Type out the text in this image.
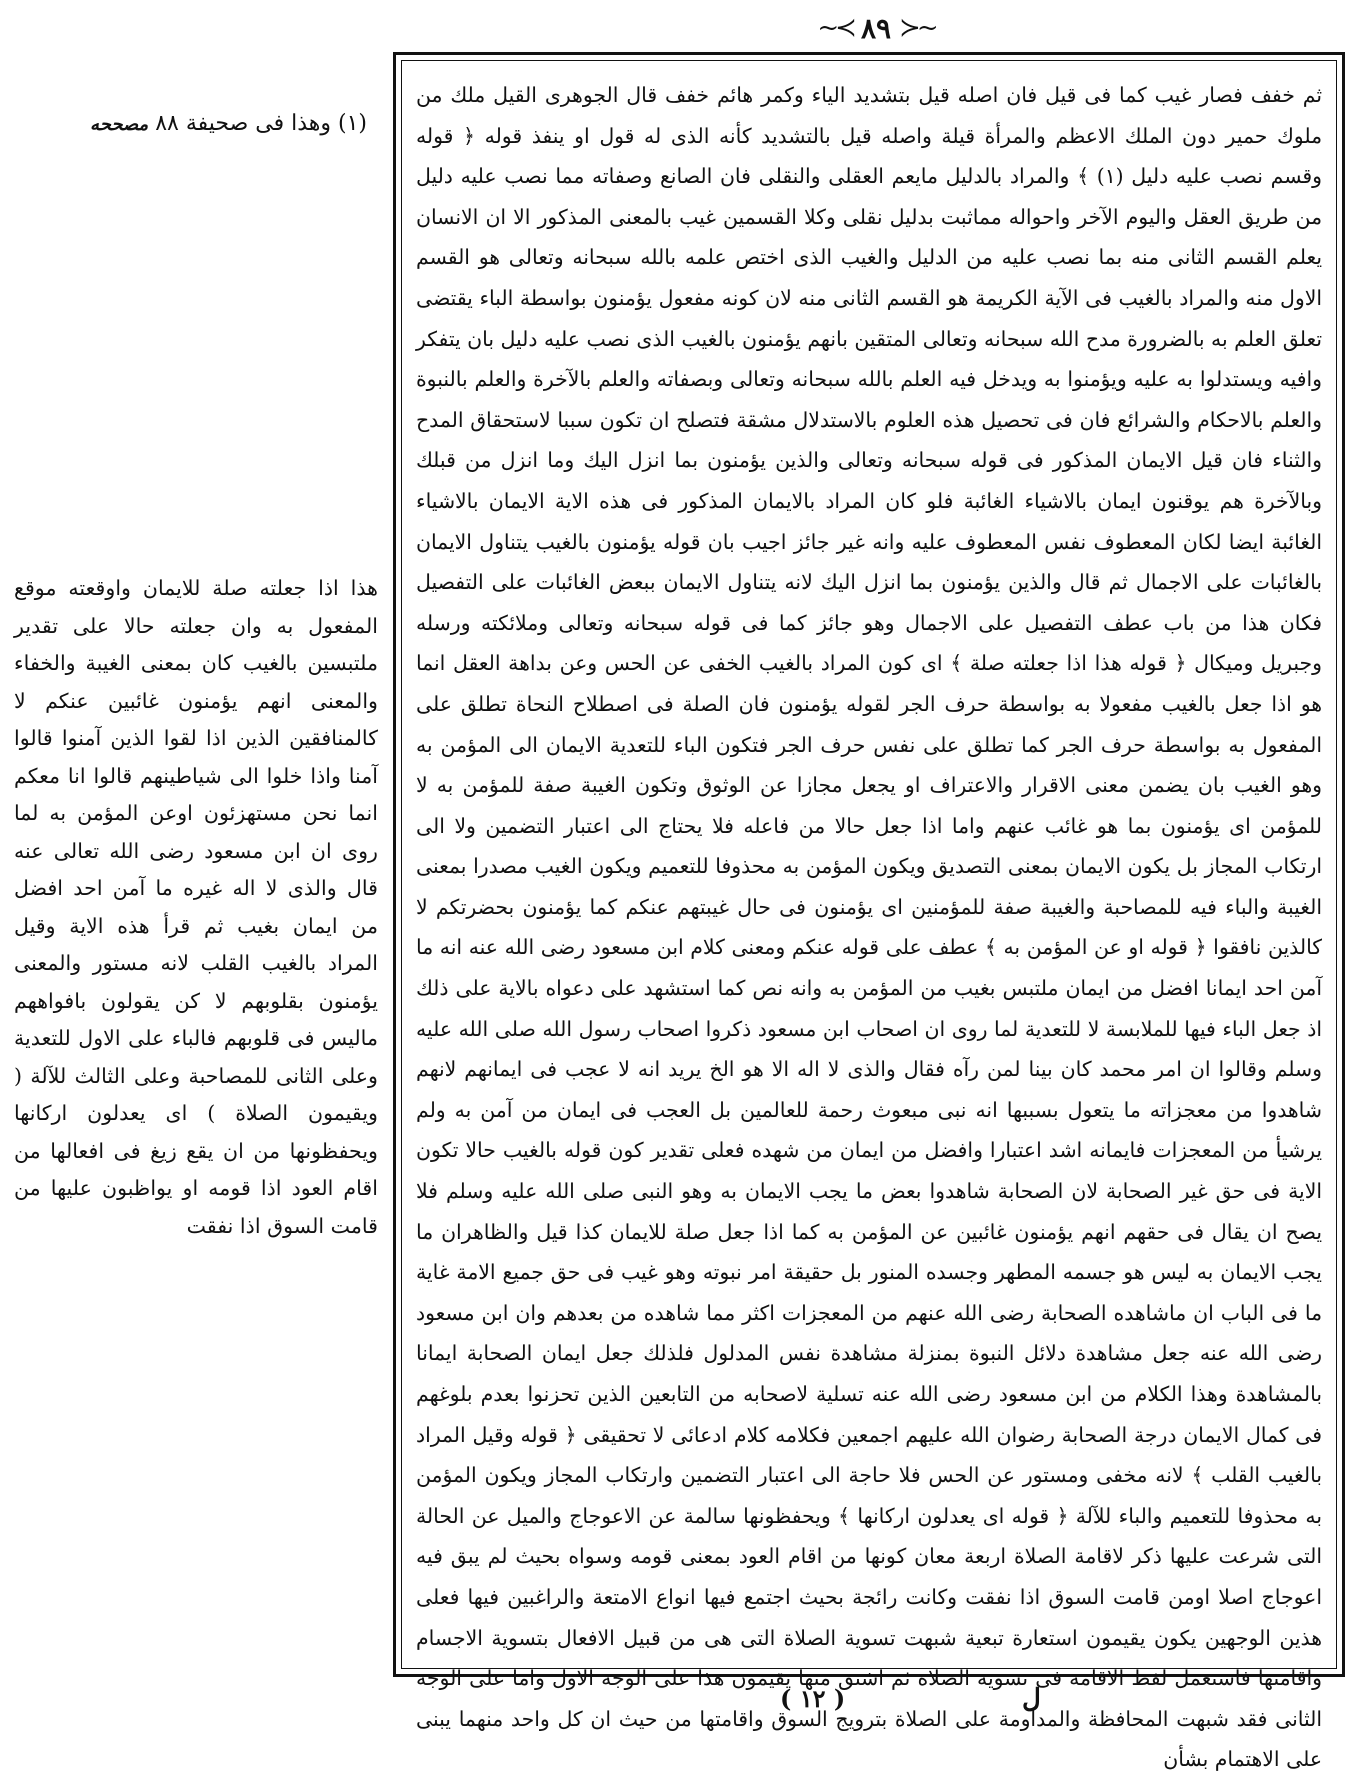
~≺ ٨٩ ≻~
(١) وهذا فى صحيفة ٨٨ مصححه

هذا اذا جعلته صلة للايمان واوقعته موقع المفعول به وان جعلته حالا على تقدير ملتبسين بالغيب كان بمعنى الغيبة والخفاء والمعنى انهم يؤمنون غائبين عنكم لا كالمنافقين الذين اذا لقوا الذين آمنوا قالوا آمنا واذا خلوا الى شياطينهم قالوا انا معكم انما نحن مستهزئون اوعن المؤمن به لما روى ان ابن مسعود رضى الله تعالى عنه قال والذى لا اله غيره ما آمن احد افضل من ايمان بغيب ثم قرأ هذه الاية وقيل المراد بالغيب القلب لانه مستور والمعنى يؤمنون بقلوبهم لا كن يقولون بافواههم ماليس فى قلوبهم فالباء على الاول للتعدية وعلى الثانى للمصاحبة وعلى الثالث للآلة ( ويقيمون الصلاة ) اى يعدلون اركانها ويحفظونها من ان يقع زيغ فى افعالها من اقام العود اذا قومه او يواظبون عليها من قامت السوق اذا نفقت

ثم خفف فصار غيب كما فى قيل فان اصله قيل بتشديد الياء وكمر هائم خفف قال الجوهرى القيل ملك من ملوك حمير دون الملك الاعظم والمرأة قيلة واصله قيل بالتشديد كأنه الذى له قول او ينفذ قوله ﴿ قوله وقسم نصب عليه دليل (١) ﴾ والمراد بالدليل مايعم العقلى والنقلى فان الصانع وصفاته مما نصب عليه دليل من طريق العقل واليوم الآخر واحواله مماثبت بدليل نقلى وكلا القسمين غيب بالمعنى المذكور الا ان الانسان يعلم القسم الثانى منه بما نصب عليه من الدليل والغيب الذى اختص علمه بالله سبحانه وتعالى هو القسم الاول منه والمراد بالغيب فى الآية الكريمة هو القسم الثانى منه لان كونه مفعول يؤمنون بواسطة الباء يقتضى تعلق العلم به بالضرورة مدح الله سبحانه وتعالى المتقين بانهم يؤمنون بالغيب الذى نصب عليه دليل بان يتفكر وافيه ويستدلوا به عليه ويؤمنوا به ويدخل فيه العلم بالله سبحانه وتعالى وبصفاته والعلم بالآخرة والعلم بالنبوة والعلم بالاحكام والشرائع فان فى تحصيل هذه العلوم بالاستدلال مشقة فتصلح ان تكون سببا لاستحقاق المدح والثناء فان قيل الايمان المذكور فى قوله سبحانه وتعالى والذين يؤمنون بما انزل اليك وما انزل من قبلك وبالآخرة هم يوقنون ايمان بالاشياء الغائبة فلو كان المراد بالايمان المذكور فى هذه الاية الايمان بالاشياء الغائبة ايضا لكان المعطوف نفس المعطوف عليه وانه غير جائز اجيب بان قوله يؤمنون بالغيب يتناول الايمان بالغائبات على الاجمال ثم قال والذين يؤمنون بما انزل اليك لانه يتناول الايمان ببعض الغائبات على التفصيل فكان هذا من باب عطف التفصيل على الاجمال وهو جائز كما فى قوله سبحانه وتعالى وملائكته ورسله وجبريل وميكال ﴿ قوله هذا اذا جعلته صلة ﴾ اى كون المراد بالغيب الخفى عن الحس وعن بداهة العقل انما هو اذا جعل بالغيب مفعولا به بواسطة حرف الجر لقوله يؤمنون فان الصلة فى اصطلاح النحاة تطلق على المفعول به بواسطة حرف الجر كما تطلق على نفس حرف الجر فتكون الباء للتعدية الايمان الى المؤمن به وهو الغيب بان يضمن معنى الاقرار والاعتراف او يجعل مجازا عن الوثوق وتكون الغيبة صفة للمؤمن به لا للمؤمن اى يؤمنون بما هو غائب عنهم واما اذا جعل حالا من فاعله فلا يحتاج الى اعتبار التضمين ولا الى ارتكاب المجاز بل يكون الايمان بمعنى التصديق ويكون المؤمن به محذوفا للتعميم ويكون الغيب مصدرا بمعنى الغيبة والباء فيه للمصاحبة والغيبة صفة للمؤمنين اى يؤمنون فى حال غيبتهم عنكم كما يؤمنون بحضرتكم لا كالذين نافقوا ﴿ قوله او عن المؤمن به ﴾ عطف على قوله عنكم ومعنى كلام ابن مسعود رضى الله عنه انه ما آمن احد ايمانا افضل من ايمان ملتبس بغيب من المؤمن به وانه نص كما استشهد على دعواه بالاية على ذلك اذ جعل الباء فيها للملابسة لا للتعدية لما روى ان اصحاب ابن مسعود ذكروا اصحاب رسول الله صلى الله عليه وسلم وقالوا ان امر محمد كان بينا لمن رآه فقال والذى لا اله الا هو الخ يريد انه لا عجب فى ايمانهم لانهم شاهدوا من معجزاته ما يتعول بسببها انه نبى مبعوث رحمة للعالمين بل العجب فى ايمان من آمن به ولم يرشيأ من المعجزات فايمانه اشد اعتبارا وافضل من ايمان من شهده فعلى تقدير كون قوله بالغيب حالا تكون الاية فى حق غير الصحابة لان الصحابة شاهدوا بعض ما يجب الايمان به وهو النبى صلى الله عليه وسلم فلا يصح ان يقال فى حقهم انهم يؤمنون غائبين عن المؤمن به كما اذا جعل صلة للايمان كذا قيل والظاهران ما يجب الايمان به ليس هو جسمه المطهر وجسده المنور بل حقيقة امر نبوته وهو غيب فى حق جميع الامة غاية ما فى الباب ان ماشاهده الصحابة رضى الله عنهم من المعجزات اكثر مما شاهده من بعدهم وان ابن مسعود رضى الله عنه جعل مشاهدة دلائل النبوة بمنزلة مشاهدة نفس المدلول فلذلك جعل ايمان الصحابة ايمانا بالمشاهدة وهذا الكلام من ابن مسعود رضى الله عنه تسلية لاصحابه من التابعين الذين تحزنوا بعدم بلوغهم فى كمال الايمان درجة الصحابة رضوان الله عليهم اجمعين فكلامه كلام ادعائى لا تحقيقى ﴿ قوله وقيل المراد بالغيب القلب ﴾ لانه مخفى ومستور عن الحس فلا حاجة الى اعتبار التضمين وارتكاب المجاز ويكون المؤمن به محذوفا للتعميم والباء للآلة ﴿ قوله اى يعدلون اركانها ﴾ ويحفظونها سالمة عن الاعوجاج والميل عن الحالة التى شرعت عليها ذكر لاقامة الصلاة اربعة معان كونها من اقام العود بمعنى قومه وسواه بحيث لم يبق فيه اعوجاج اصلا اومن قامت السوق اذا نفقت وكانت رائجة بحيث اجتمع فيها انواع الامتعة والراغبين فيها فعلى هذين الوجهين يكون يقيمون استعارة تبعية شبهت تسوية الصلاة التى هى من قبيل الافعال بتسوية الاجسام واقامتها فاستعمل لفظ الاقامة فى تسوية الصلاة ثم اشتق منها يقيمون هذا على الوجه الاول واما على الوجه الثانى فقد شبهت المحافظة والمداومة على الصلاة بترويج السوق واقامتها من حيث ان كل واحد منهما يبنى على الاهتمام بشأن

( ١٢ )	ل
